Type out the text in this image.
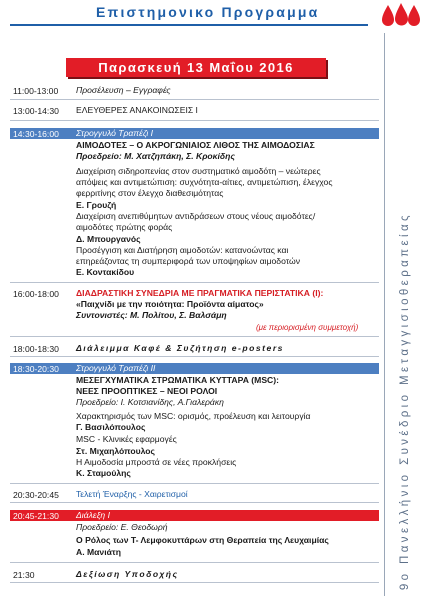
Επιστημονικο Προγραμμα
9ο Πανελλήνιο Συνέδριο Μεταγγισιοθεραπείας
Παρασκευή 13 Μαΐου 2016
11:00-13:00 Προσέλευση – Εγγραφές
13:00-14:30 ΕΛΕΥΘΕΡΕΣ ΑΝΑΚΟΙΝΩΣΕΙΣ Ι
14:30-16:00 Στρογγυλό Τραπέζι Ι
ΑΙΜΟΔΟΤΕΣ – Ο ΑΚΡΟΓΩΝΙΑΙΟΣ ΛΙΘΟΣ ΤΗΣ ΑΙΜΟΔΟΣΙΑΣ
Προεδρείο: Μ. Χατζηπάκη, Σ. Κροκίδης
Διαχείριση σιδηροπενίας στον συστηματικό αιμοδότη – νεώτερες
απόψεις και αντιμετώπιση: συχνότητα-αίτιες, αντιμετώπιση, έλεγχος
φερριτίνης στον έλεγχο διαθεσιμότητας
Ε. Γρουζή
Διαχείριση ανεπιθύμητων αντιδράσεων στους νέους αιμοδότες/
αιμοδότες πρώτης φοράς
Δ. Μπουργανός
Προσέγγιση και Διατήρηση αιμοδοτών: κατανοώντας και
επηρεάζοντας τη συμπεριφορά των υποψηφίων αιμοδοτών
Ε. Κοντακίδου
16:00-18:00 ΔΙΑΔΡΑΣΤΙΚΗ ΣΥΝΕΔΡΙΑ ΜΕ ΠΡΑΓΜΑΤΙΚΑ ΠΕΡΙΣΤΑΤΙΚΑ (Ι):
«Παιχνίδι με την ποιότητα: Προϊόντα αίματος»
Συντονιστές: Μ. Πολίτου, Σ. Βαλσάμη
(με περιορισμένη συμμετοχή)
18:00-18:30 Διάλειμμα Καφέ & Συζήτηση e-posters
18:30-20:30 Στρογγυλό Τραπέζι ΙΙ
ΜΕΣΕΓΧΥΜΑΤΙΚΑ ΣΤΡΩΜΑΤΙΚΑ ΚΥΤΤΑΡΑ (MSC):
ΝΕΕΣ ΠΡΟΟΠΤΙΚΕΣ – ΝΕΟΙ ΡΟΛΟΙ
Προεδρείο: Ι. Κοτσιανίδης, Α.Γιαλεράκη
Χαρακτηρισμός των MSC: ορισμός, προέλευση και λειτουργία
Γ. Βασιλόπουλος
MSC - Κλινικές εφαρμογές
Στ. Μιχαηλόπουλος
Η Αιμοδοσία μπροστά σε νέες προκλήσεις
Κ. Σταμούλης
20:30-20:45 Τελετή Έναρξης - Χαιρετισμοί
20:45-21:30 Διάλεξη Ι
Προεδρείο: Ε. Θεοδωρή
Ο Ρόλος των Τ- Λεμφοκυττάρων στη Θεραπεία της Λευχαιμίας
Α. Μανιάτη
21:30	Δεξίωση Υποδοχής
